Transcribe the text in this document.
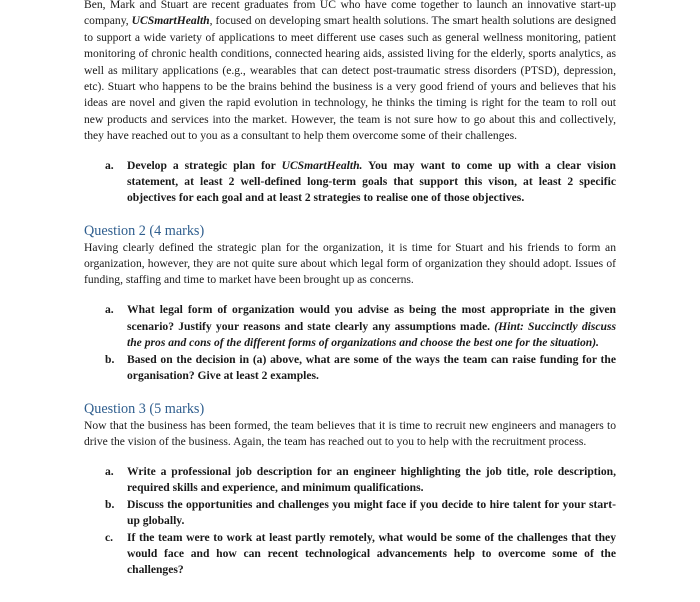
Ben, Mark and Stuart are recent graduates from UC who have come together to launch an innovative start-up company, UCSmartHealth, focused on developing smart health solutions. The smart health solutions are designed to support a wide variety of applications to meet different use cases such as general wellness monitoring, patient monitoring of chronic health conditions, connected hearing aids, assisted living for the elderly, sports analytics, as well as military applications (e.g., wearables that can detect post-traumatic stress disorders (PTSD), depression, etc). Stuart who happens to be the brains behind the business is a very good friend of yours and believes that his ideas are novel and given the rapid evolution in technology, he thinks the timing is right for the team to roll out new products and services into the market. However, the team is not sure how to go about this and collectively, they have reached out to you as a consultant to help them overcome some of their challenges.

a. Develop a strategic plan for UCSmartHealth. You may want to come up with a clear vision statement, at least 2 well-defined long-term goals that support this vison, at least 2 specific objectives for each goal and at least 2 strategies to realise one of those objectives.
Question 2 (4 marks)

Having clearly defined the strategic plan for the organization, it is time for Stuart and his friends to form an organization, however, they are not quite sure about which legal form of organization they should adopt. Issues of funding, staffing and time to market have been brought up as concerns.

a. What legal form of organization would you advise as being the most appropriate in the given scenario? Justify your reasons and state clearly any assumptions made. (Hint: Succinctly discuss the pros and cons of the different forms of organizations and choose the best one for the situation).
b. Based on the decision in (a) above, what are some of the ways the team can raise funding for the organisation? Give at least 2 examples.
Question 3 (5 marks)

Now that the business has been formed, the team believes that it is time to recruit new engineers and managers to drive the vision of the business. Again, the team has reached out to you to help with the recruitment process.

a. Write a professional job description for an engineer highlighting the job title, role description, required skills and experience, and minimum qualifications.
b. Discuss the opportunities and challenges you might face if you decide to hire talent for your start-up globally.
c. If the team were to work at least partly remotely, what would be some of the challenges that they would face and how can recent technological advancements help to overcome some of the challenges?
